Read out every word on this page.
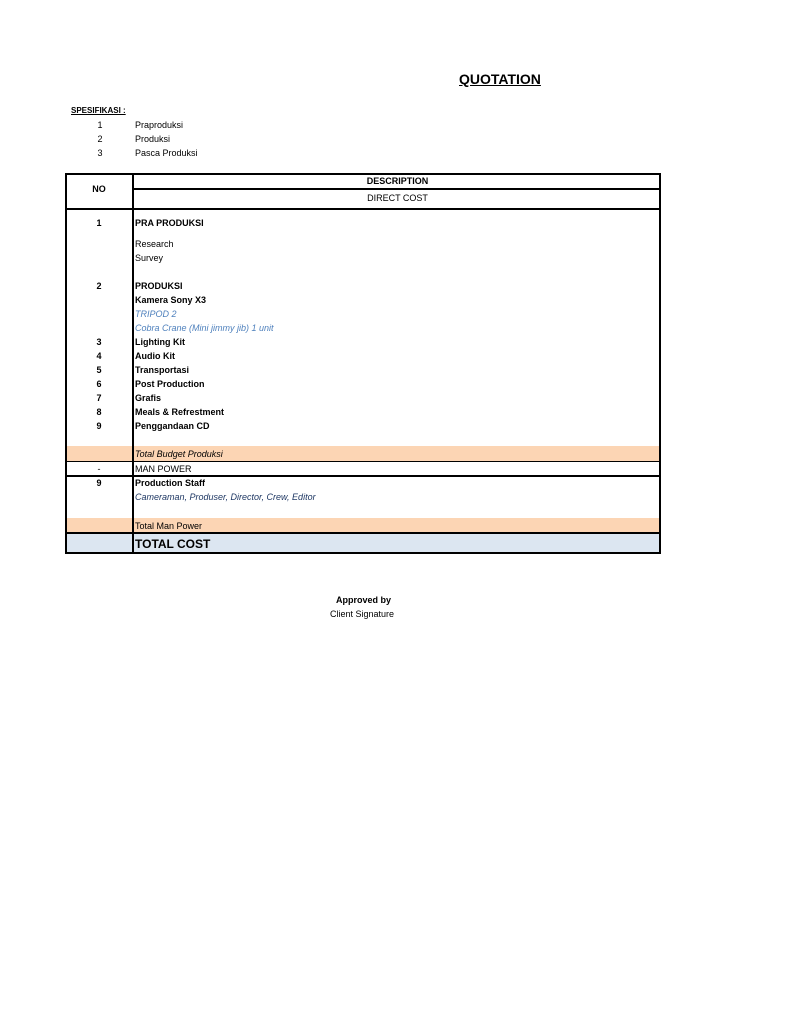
QUOTATION
SPESIFIKASI :
1	Praproduksi
2	Produksi
3	Pasca Produksi
NO
DESCRIPTION
DIRECT COST
1	PRA PRODUKSI
Research
Survey
2	PRODUKSI
Kamera Sony X3
TRIPOD 2
Cobra Crane (Mini jimmy jib) 1 unit
3	Lighting Kit
4	Audio Kit
5	Transportasi
6	Post Production
7	Grafis
8	Meals & Refrestment
9	Penggandaan CD
Total Budget Produksi
-	MAN POWER
9	Production Staff
Cameraman, Produser, Director, Crew, Editor
Total Man Power
TOTAL COST
Approved by
Client Signature
